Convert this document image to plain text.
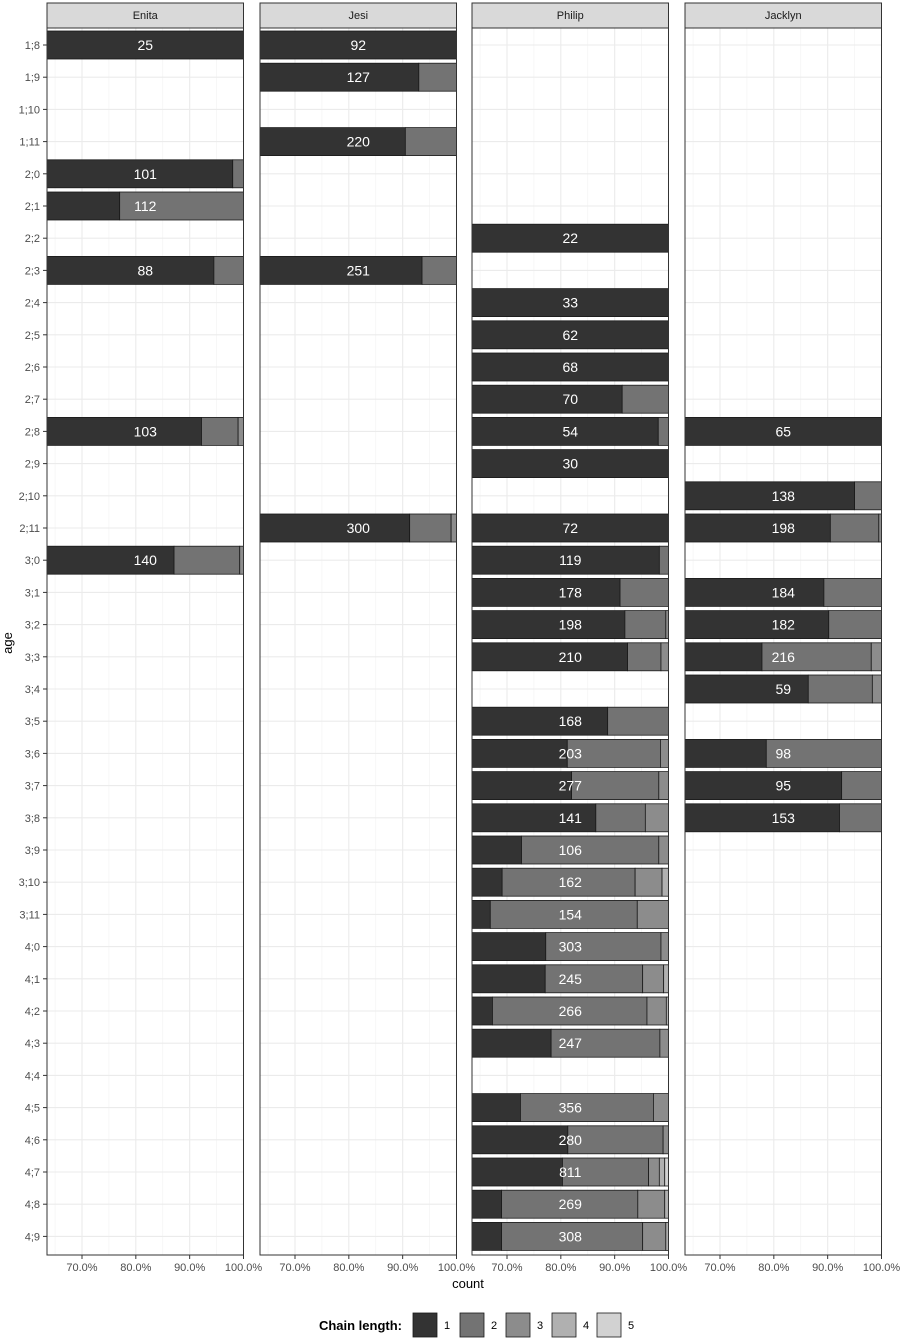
25
101
112
88
103
140
Enita
70.0% 80.0% 90.0% 100.0%
92
127
220
251
300
Jesi
70.0% 80.0% 90.0% 100.0%
22
33
62
68
70
54
30
72
119
178
198
210
168
203
277
141
106
162
154
303
245
266
247
356
280
811
269
308
Philip
70.0% 80.0% 90.0% 100.0%
65
138
198
184
182
216
59
98
95
153
Jacklyn
70.0% 80.0% 90.0% 100.0%
1;8
1;9
1;10
1;11
2;0
2;1
2;2
2;3
2;4
2;5
2;6
2;7
2;8
2;9
2;10
2;11
3;0
3;1
3;2
3;3
3;4
3;5
3;6
3;7
3;8
3;9
3;10
3;11
4;0
4;1
4;2
4;3
4;4
4;5
4;6
4;7
4;8
4;9
age
count
Chain length:	1	2	3	4	5
